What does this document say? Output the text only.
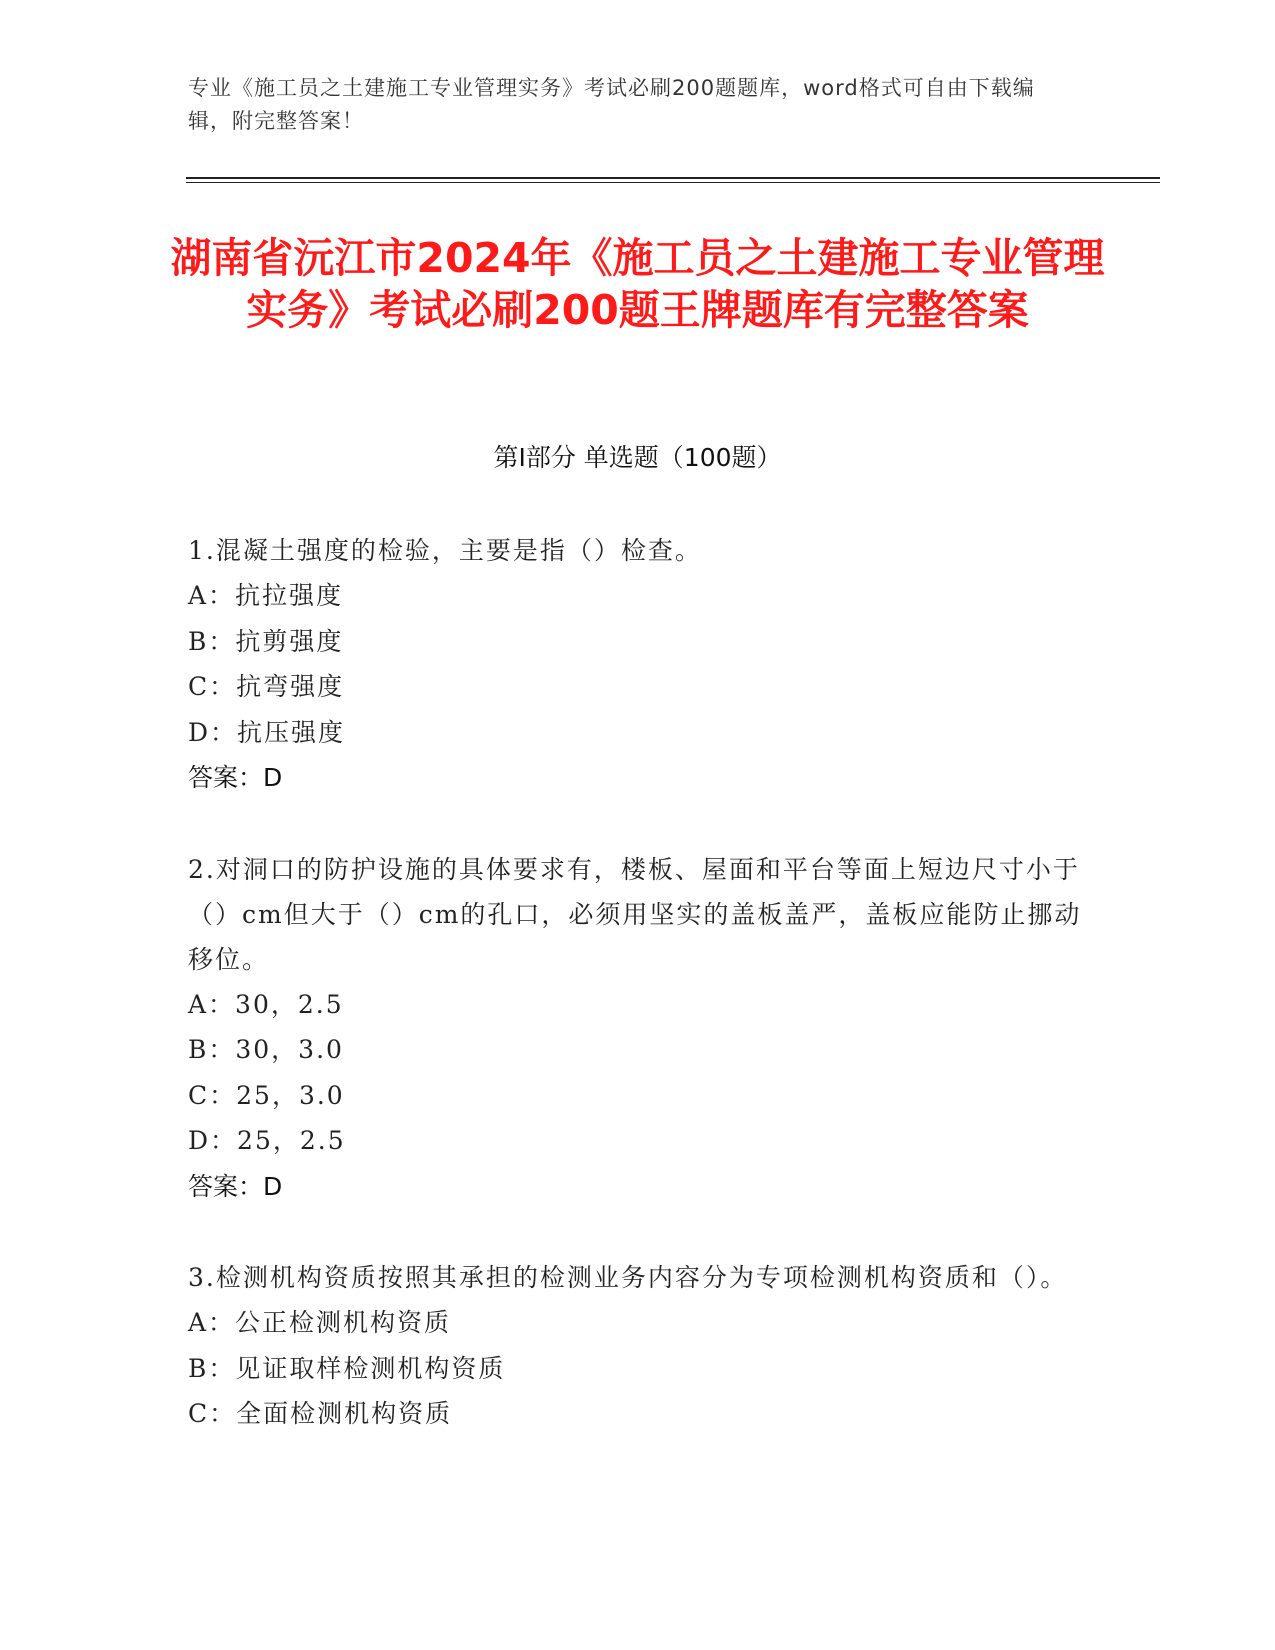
专业《施工员之土建施工专业管理实务》考试必刷200题题库，word格式可自由下载编辑，附完整答案！
湖南省沅江市2024年《施工员之土建施工专业管理实务》考试必刷200题王牌题库有完整答案
第Ⅰ部分 单选题（100题）
1.混凝土强度的检验，主要是指（）检查。
A：抗拉强度
B：抗剪强度
C：抗弯强度
D：抗压强度
答案：D
2.对洞口的防护设施的具体要求有，楼板、屋面和平台等面上短边尺寸小于（）cm但大于（）cm的孔口，必须用坚实的盖板盖严，盖板应能防止挪动移位。
A：30，2.5
B：30，3.0
C：25，3.0
D：25，2.5
答案：D
3.检测机构资质按照其承担的检测业务内容分为专项检测机构资质和（）。
A：公正检测机构资质
B：见证取样检测机构资质
C：全面检测机构资质
